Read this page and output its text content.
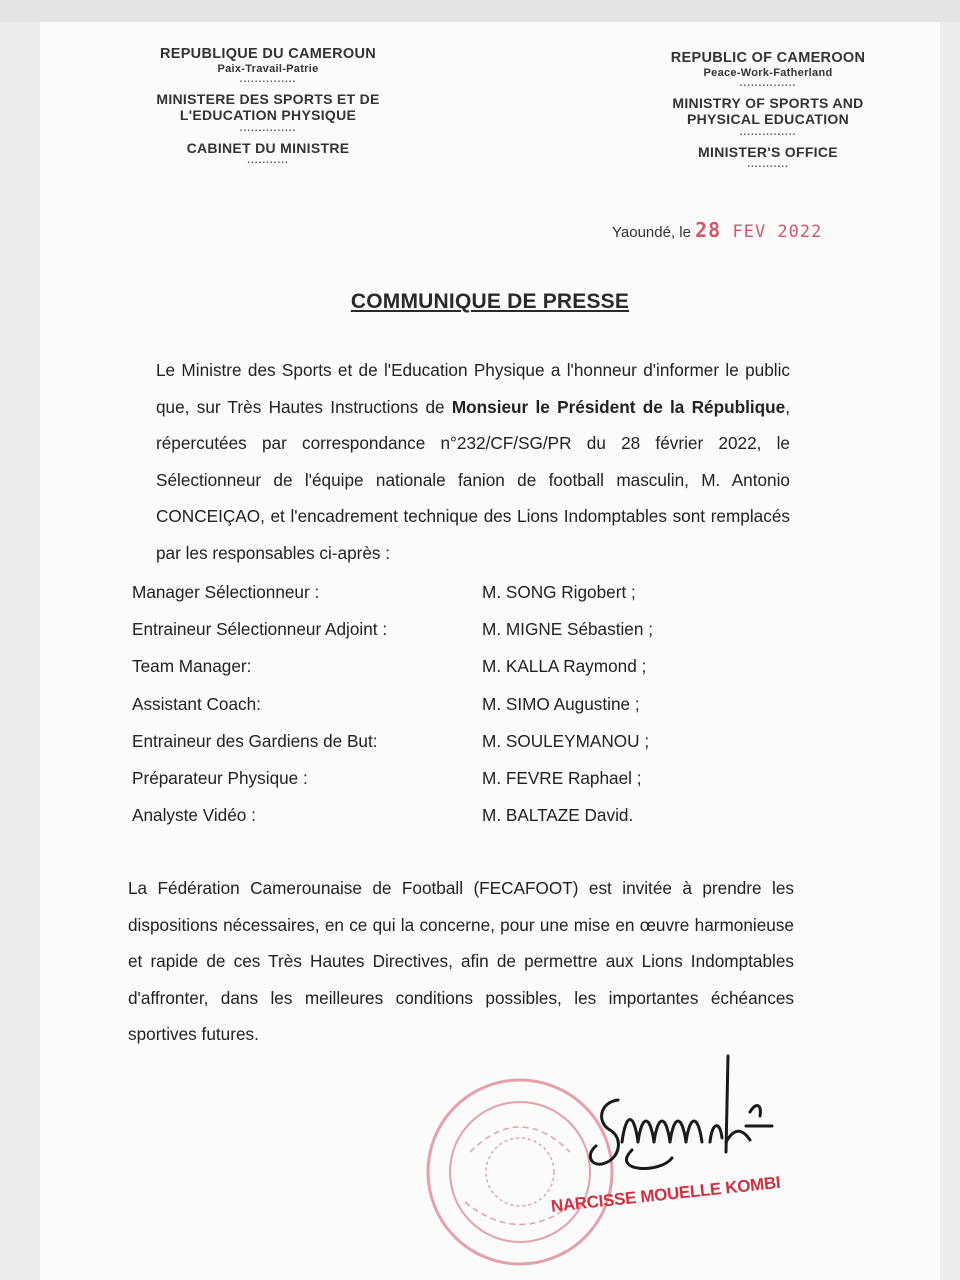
REPUBLIQUE DU CAMEROUN
Paix-Travail-Patrie
...............
MINISTERE DES SPORTS ET DE
L'EDUCATION PHYSIQUE
...............
CABINET DU MINISTRE
...........
REPUBLIC OF CAMEROON
Peace-Work-Fatherland
...............
MINISTRY OF SPORTS AND
PHYSICAL EDUCATION
...............
MINISTER'S OFFICE
...........
Yaoundé, le 28 FEV 2022
COMMUNIQUE DE PRESSE
Le Ministre des Sports et de l'Education Physique a l'honneur d'informer le public que, sur Très Hautes Instructions de Monsieur le Président de la République, répercutées par correspondance n°232/CF/SG/PR du 28 février 2022, le Sélectionneur de l'équipe nationale fanion de football masculin, M. Antonio CONCEIÇAO, et l'encadrement technique des Lions Indomptables sont remplacés par les responsables ci-après :
Manager Sélectionneur :	M. SONG Rigobert ;
Entraineur Sélectionneur Adjoint :	M. MIGNE Sébastien ;
Team Manager:	M. KALLA Raymond ;
Assistant Coach:	M. SIMO Augustine ;
Entraineur des Gardiens de But:	M. SOULEYMANOU ;
Préparateur Physique :	M. FEVRE Raphael ;
Analyste Vidéo :	M. BALTAZE David.
La Fédération Camerounaise de Football (FECAFOOT) est invitée à prendre les dispositions nécessaires, en ce qui la concerne, pour une mise en œuvre harmonieuse et rapide de ces Très Hautes Directives, afin de permettre aux Lions Indomptables d'affronter, dans les meilleures conditions possibles, les importantes échéances sportives futures.
NARCISSE MOUELLE KOMBI
